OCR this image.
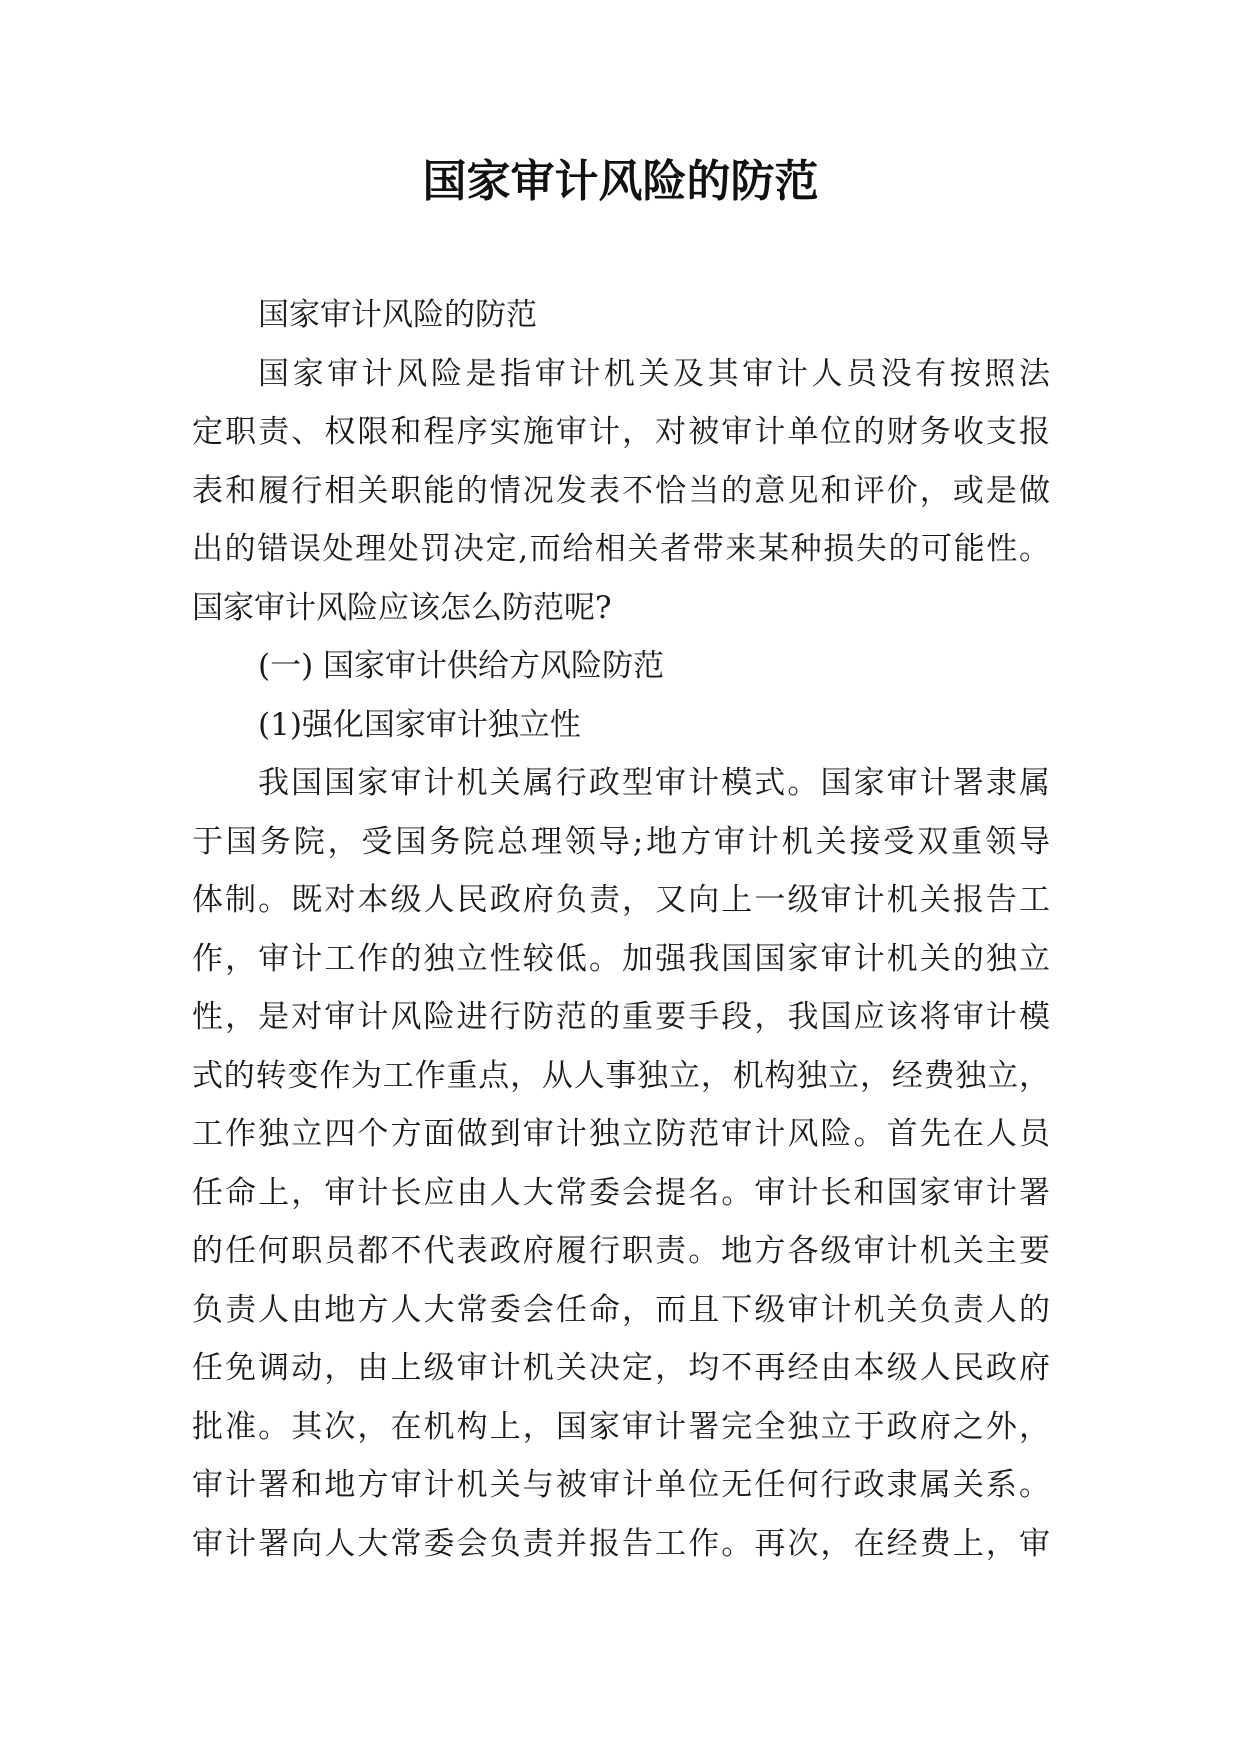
国家审计风险的防范

国家审计风险的防范

国家审计风险是指审计机关及其审计人员没有按照法
定职责、权限和程序实施审计，对被审计单位的财务收支报
表和履行相关职能的情况发表不恰当的意见和评价，或是做
出的错误处理处罚决定,而给相关者带来某种损失的可能性。
国家审计风险应该怎么防范呢?

(一) 国家审计供给方风险防范

(1)强化国家审计独立性

我国国家审计机关属行政型审计模式。国家审计署隶属
于国务院，受国务院总理领导;地方审计机关接受双重领导
体制。既对本级人民政府负责，又向上一级审计机关报告工
作，审计工作的独立性较低。加强我国国家审计机关的独立
性，是对审计风险进行防范的重要手段，我国应该将审计模
式的转变作为工作重点，从人事独立，机构独立，经费独立，
工作独立四个方面做到审计独立防范审计风险。首先在人员
任命上，审计长应由人大常委会提名。审计长和国家审计署
的任何职员都不代表政府履行职责。地方各级审计机关主要
负责人由地方人大常委会任命，而且下级审计机关负责人的
任免调动，由上级审计机关决定，均不再经由本级人民政府
批准。其次，在机构上，国家审计署完全独立于政府之外，
审计署和地方审计机关与被审计单位无任何行政隶属关系。
审计署向人大常委会负责并报告工作。再次，在经费上，审
